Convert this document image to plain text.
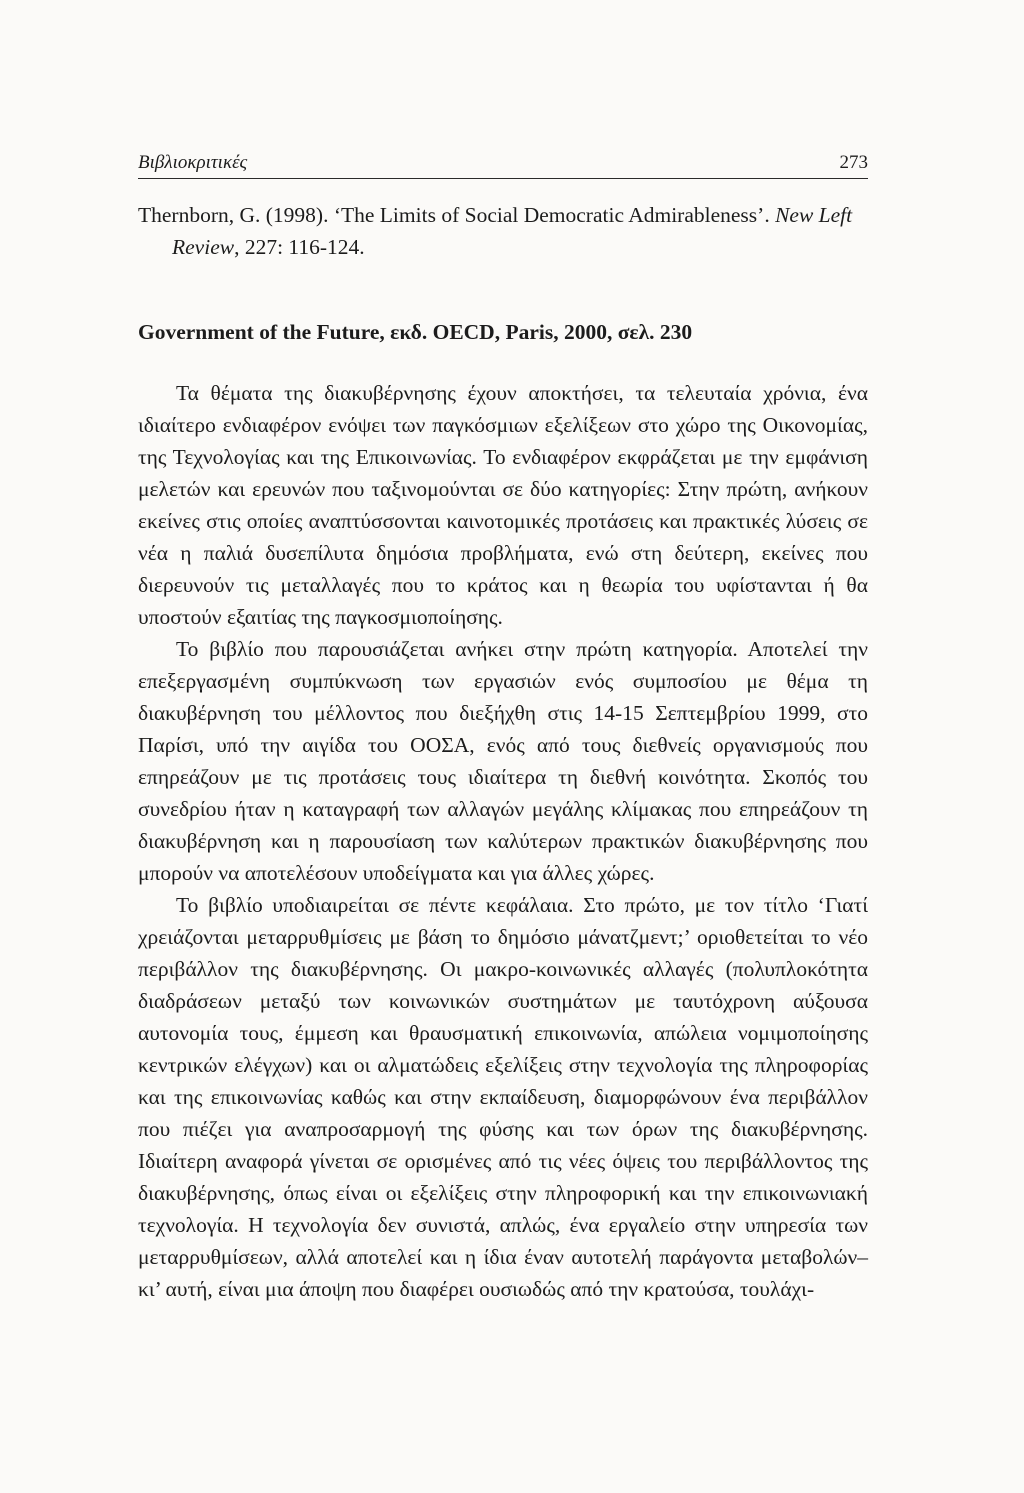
Βιβλιοκριτικές	273
Thernborn, G. (1998). ‘The Limits of Social Democratic Admirableness’. New Left Review, 227: 116-124.
Government of the Future, εκδ. OECD, Paris, 2000, σελ. 230

Τα θέματα της διακυβέρνησης έχουν αποκτήσει, τα τελευταία χρόνια, ένα ιδιαίτερο ενδιαφέρον ενόψει των παγκόσμιων εξελίξεων στο χώρο της Οικονομίας, της Τεχνολογίας και της Επικοινωνίας. Το ενδιαφέρον εκφράζεται με την εμφάνιση μελετών και ερευνών που ταξινομούνται σε δύο κατηγορίες: Στην πρώτη, ανήκουν εκείνες στις οποίες αναπτύσσονται καινοτομικές προτάσεις και πρακτικές λύσεις σε νέα η παλιά δυσεπίλυτα δημόσια προβλήματα, ενώ στη δεύτερη, εκείνες που διερευνούν τις μεταλλαγές που το κράτος και η θεωρία του υφίστανται ή θα υποστούν εξαιτίας της παγκοσμιοποίησης.

Το βιβλίο που παρουσιάζεται ανήκει στην πρώτη κατηγορία. Αποτελεί την επεξεργασμένη συμπύκνωση των εργασιών ενός συμποσίου με θέμα τη διακυβέρνηση του μέλλοντος που διεξήχθη στις 14-15 Σεπτεμβρίου 1999, στο Παρίσι, υπό την αιγίδα του ΟΟΣΑ, ενός από τους διεθνείς οργανισμούς που επηρεάζουν με τις προτάσεις τους ιδιαίτερα τη διεθνή κοινότητα. Σκοπός του συνεδρίου ήταν η καταγραφή των αλλαγών μεγάλης κλίμακας που επηρεάζουν τη διακυβέρνηση και η παρουσίαση των καλύτερων πρακτικών διακυβέρνησης που μπορούν να αποτελέσουν υποδείγματα και για άλλες χώρες.

Το βιβλίο υποδιαιρείται σε πέντε κεφάλαια. Στο πρώτο, με τον τίτλο ‘Γιατί χρειάζονται μεταρρυθμίσεις με βάση το δημόσιο μάνατζμεντ;’ οριοθετείται το νέο περιβάλλον της διακυβέρνησης. Οι μακρο-κοινωνικές αλλαγές (πολυπλοκότητα διαδράσεων μεταξύ των κοινωνικών συστημάτων με ταυτόχρονη αύξουσα αυτονομία τους, έμμεση και θραυσματική επικοινωνία, απώλεια νομιμοποίησης κεντρικών ελέγχων) και οι αλματώδεις εξελίξεις στην τεχνολογία της πληροφορίας και της επικοινωνίας καθώς και στην εκπαίδευση, διαμορφώνουν ένα περιβάλλον που πιέζει για αναπροσαρμογή της φύσης και των όρων της διακυβέρνησης. Ιδιαίτερη αναφορά γίνεται σε ορισμένες από τις νέες όψεις του περιβάλλοντος της διακυβέρνησης, όπως είναι οι εξελίξεις στην πληροφορική και την επικοινωνιακή τεχνολογία. Η τεχνολογία δεν συνιστά, απλώς, ένα εργαλείο στην υπηρεσία των μεταρρυθμίσεων, αλλά αποτελεί και η ίδια έναν αυτοτελή παράγοντα μεταβολών– κι’ αυτή, είναι μια άποψη που διαφέρει ουσιωδώς από την κρατούσα, τουλάχι-
